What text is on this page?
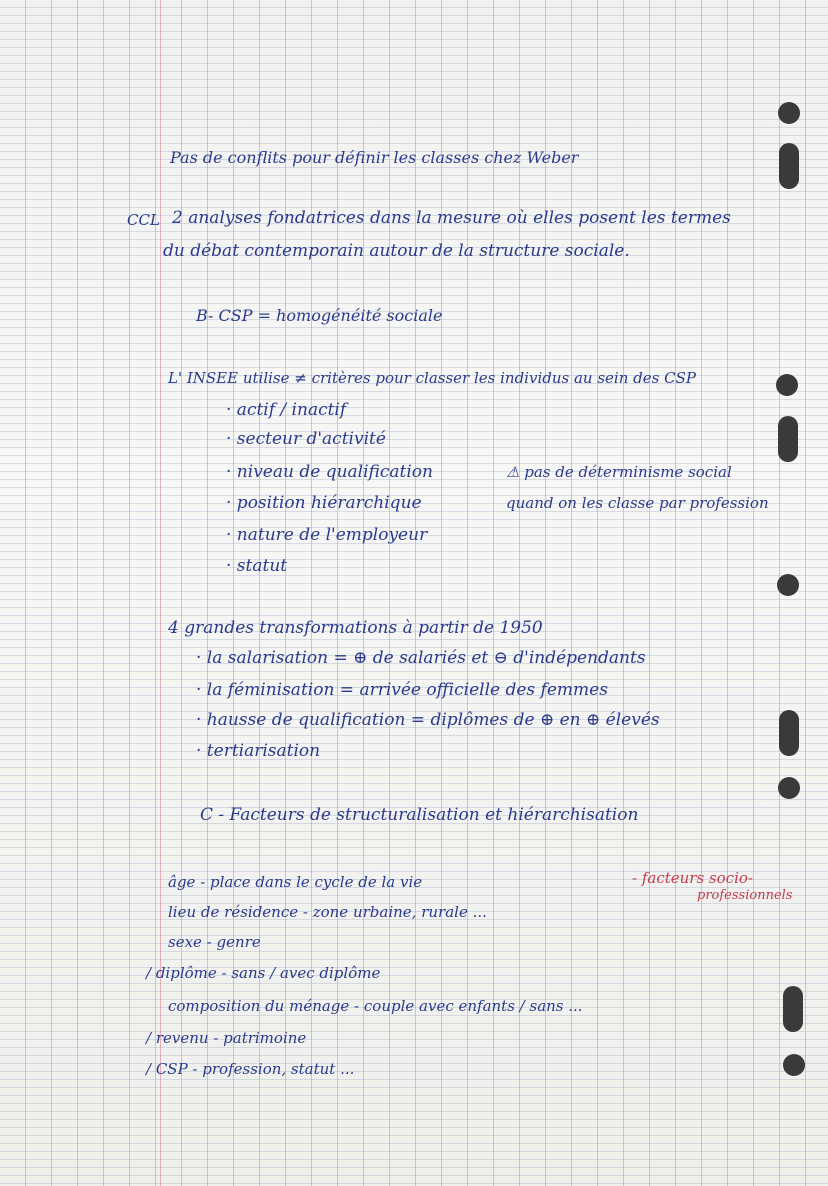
Pas de conflits pour définir les classes chez Weber
CCL 2 analyses fondatrices dans la mesure où elles posent les termes
du débat contemporain autour de la structure sociale.
B- CSP = homogénéité sociale
L' INSEE utilise ≠ critères pour classer les individus au sein des CSP
· actif / inactif
· secteur d'activité
· niveau de qualification
· position hiérarchique
· nature de l'employeur
· statut
⚠ pas de déterminisme social
quand on les classe par profession
4 grandes transformations à partir de 1950
· la salarisation = ⊕ de salariés et ⊖ d'indépendants
· la féminisation = arrivée officielle des femmes
· hausse de qualification = diplômes de ⊕ en ⊕ élevés
· tertiarisation
C - Facteurs de structuralisation et hiérarchisation
âge - place dans le cycle de la vie
lieu de résidence - zone urbaine, rurale ...
sexe - genre
/ diplôme - sans / avec diplôme
composition du ménage - couple avec enfants / sans ...
/ revenu - patrimoine
/ CSP - profession, statut ...
- facteurs socio-
professionnels
